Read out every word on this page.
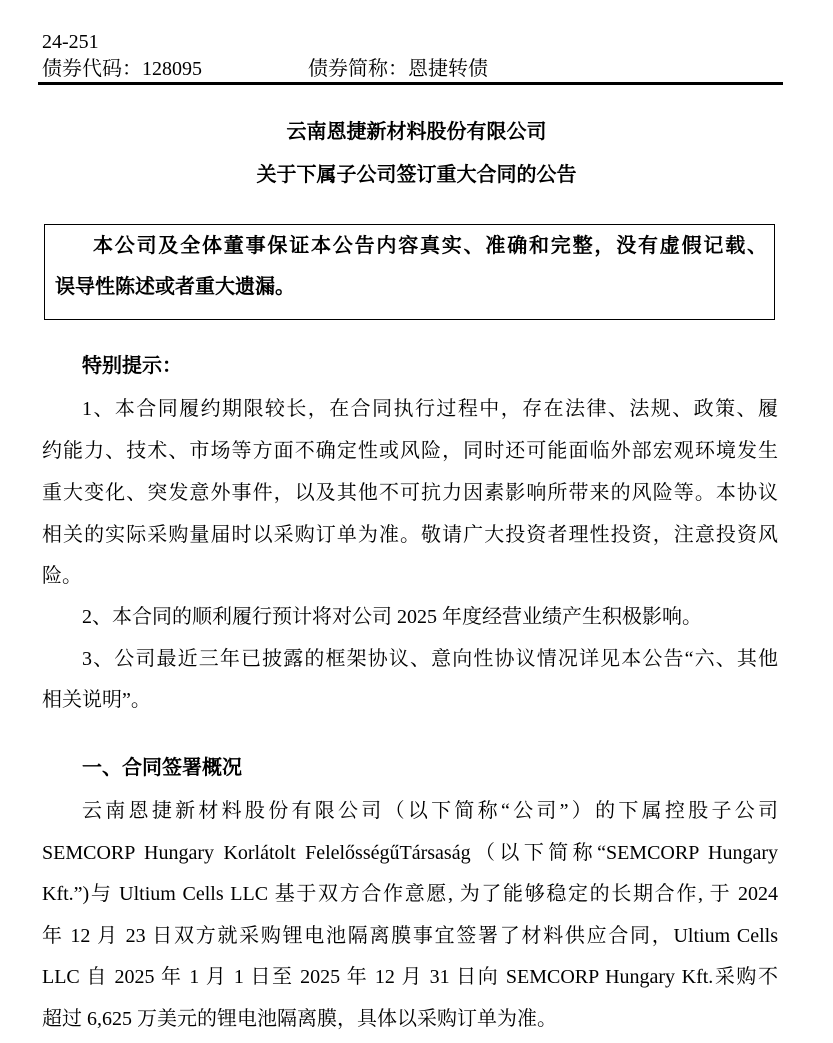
24-251
债券代码：128095	债券简称：恩捷转债
云南恩捷新材料股份有限公司
关于下属子公司签订重大合同的公告
本公司及全体董事保证本公告内容真实、准确和完整，没有虚假记载、
误导性陈述或者重大遗漏。
特别提示：
1、本合同履约期限较长，在合同执行过程中，存在法律、法规、政策、履
约能力、技术、市场等方面不确定性或风险，同时还可能面临外部宏观环境发生
重大变化、突发意外事件，以及其他不可抗力因素影响所带来的风险等。本协议
相关的实际采购量届时以采购订单为准。敬请广大投资者理性投资，注意投资风
险。
2、本合同的顺利履行预计将对公司 2025 年度经营业绩产生积极影响。
3、公司最近三年已披露的框架协议、意向性协议情况详见本公告“六、其他
相关说明”。
一、合同签署概况
云南恩捷新材料股份有限公司（以下简称“公司”）的下属控股子公司
SEMCORP Hungary Korlátolt FelelősségűTársaság（以下简称“SEMCORP Hungary
Kft.”)与 Ultium Cells LLC 基于双方合作意愿, 为了能够稳定的长期合作, 于 2024
年 12 月 23 日双方就采购锂电池隔离膜事宜签署了材料供应合同，Ultium Cells
LLC 自 2025 年 1 月 1 日至 2025 年 12 月 31 日向 SEMCORP Hungary Kft.采购不
超过 6,625 万美元的锂电池隔离膜，具体以采购订单为准。
